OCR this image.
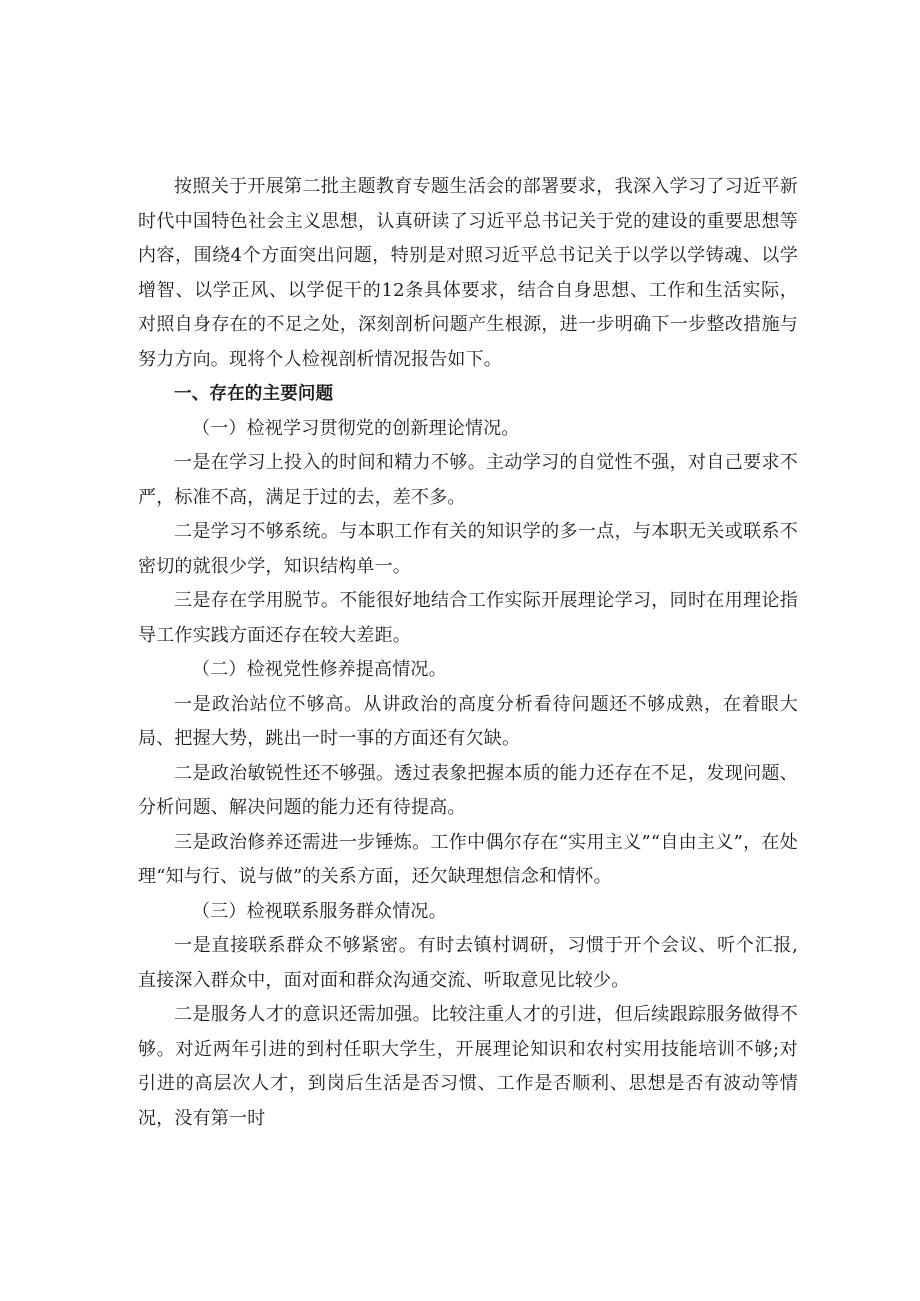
按照关于开展第二批主题教育专题生活会的部署要求，我深入学习了习近平新时代中国特色社会主义思想，认真研读了习近平总书记关于党的建设的重要思想等内容，围绕4个方面突出问题，特别是对照习近平总书记关于以学以学铸魂、以学增智、以学正风、以学促干的12条具体要求，结合自身思想、工作和生活实际，对照自身存在的不足之处，深刻剖析问题产生根源，进一步明确下一步整改措施与努力方向。现将个人检视剖析情况报告如下。

一、存在的主要问题

（一）检视学习贯彻党的创新理论情况。

一是在学习上投入的时间和精力不够。主动学习的自觉性不强，对自己要求不严，标准不高，满足于过的去，差不多。

二是学习不够系统。与本职工作有关的知识学的多一点，与本职无关或联系不密切的就很少学，知识结构单一。

三是存在学用脱节。不能很好地结合工作实际开展理论学习，同时在用理论指导工作实践方面还存在较大差距。

（二）检视党性修养提高情况。

一是政治站位不够高。从讲政治的高度分析看待问题还不够成熟，在着眼大局、把握大势，跳出一时一事的方面还有欠缺。

二是政治敏锐性还不够强。透过表象把握本质的能力还存在不足，发现问题、分析问题、解决问题的能力还有待提高。

三是政治修养还需进一步锤炼。工作中偶尔存在“实用主义”“自由主义”，在处理“知与行、说与做”的关系方面，还欠缺理想信念和情怀。

（三）检视联系服务群众情况。

一是直接联系群众不够紧密。有时去镇村调研，习惯于开个会议、听个汇报,直接深入群众中，面对面和群众沟通交流、听取意见比较少。

二是服务人才的意识还需加强。比较注重人才的引进，但后续跟踪服务做得不够。对近两年引进的到村任职大学生，开展理论知识和农村实用技能培训不够;对引进的高层次人才，到岗后生活是否习惯、工作是否顺利、思想是否有波动等情况，没有第一时
